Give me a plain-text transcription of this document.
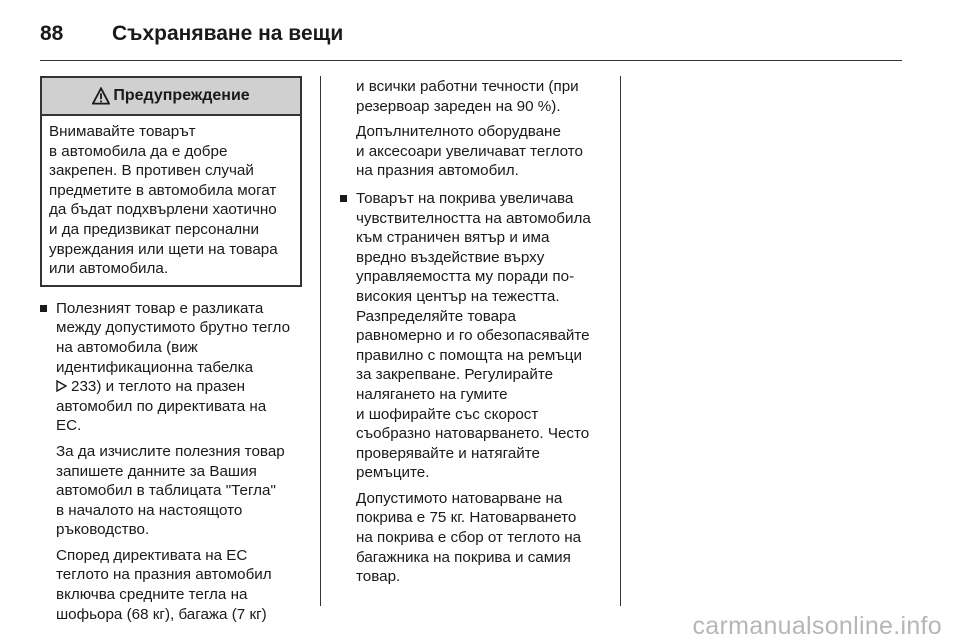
88	Съхраняване на вещи
Предупреждение
Внимавайте товарът
в автомобила да е добре
закрепен. В противен случай
предметите в автомобила могат
да бъдат подхвърлени хаотично
и да предизвикат персонални
увреждания или щети на товара
или автомобила.
Полезният товар е разликата
между допустимото брутно тегло
на автомобила (виж
идентификационна табелка
233) и теглото на празен
автомобил по директивата на
ЕС.
За да изчислите полезния товар
запишете данните за Вашия
автомобил в таблицата "Тегла"
в началото на настоящото
ръководство.
Според директивата на ЕС
теглото на празния автомобил
включва средните тегла на
шофьора (68 кг), багажа (7 кг)
и всички работни течности (при
резервоар зареден на 90 %).
Допълнителното оборудване
и аксесоари увеличават теглото
на празния автомобил.
Товарът на покрива увеличава
чувствителността на автомобила
към страничен вятър и има
вредно въздействие върху
управляемостта му поради по-
високия център на тежестта.
Разпределяйте товара
равномерно и го обезопасявайте
правилно с помощта на ремъци
за закрепване. Регулирайте
налягането на гумите
и шофирайте със скорост
съобразно натоварването. Често
проверявайте и натягайте
ремъците.
Допустимото натоварване на
покрива е 75 кг. Натоварването
на покрива е сбор от теглото на
багажника на покрива и самия
товар.
carmanualsonline.info
